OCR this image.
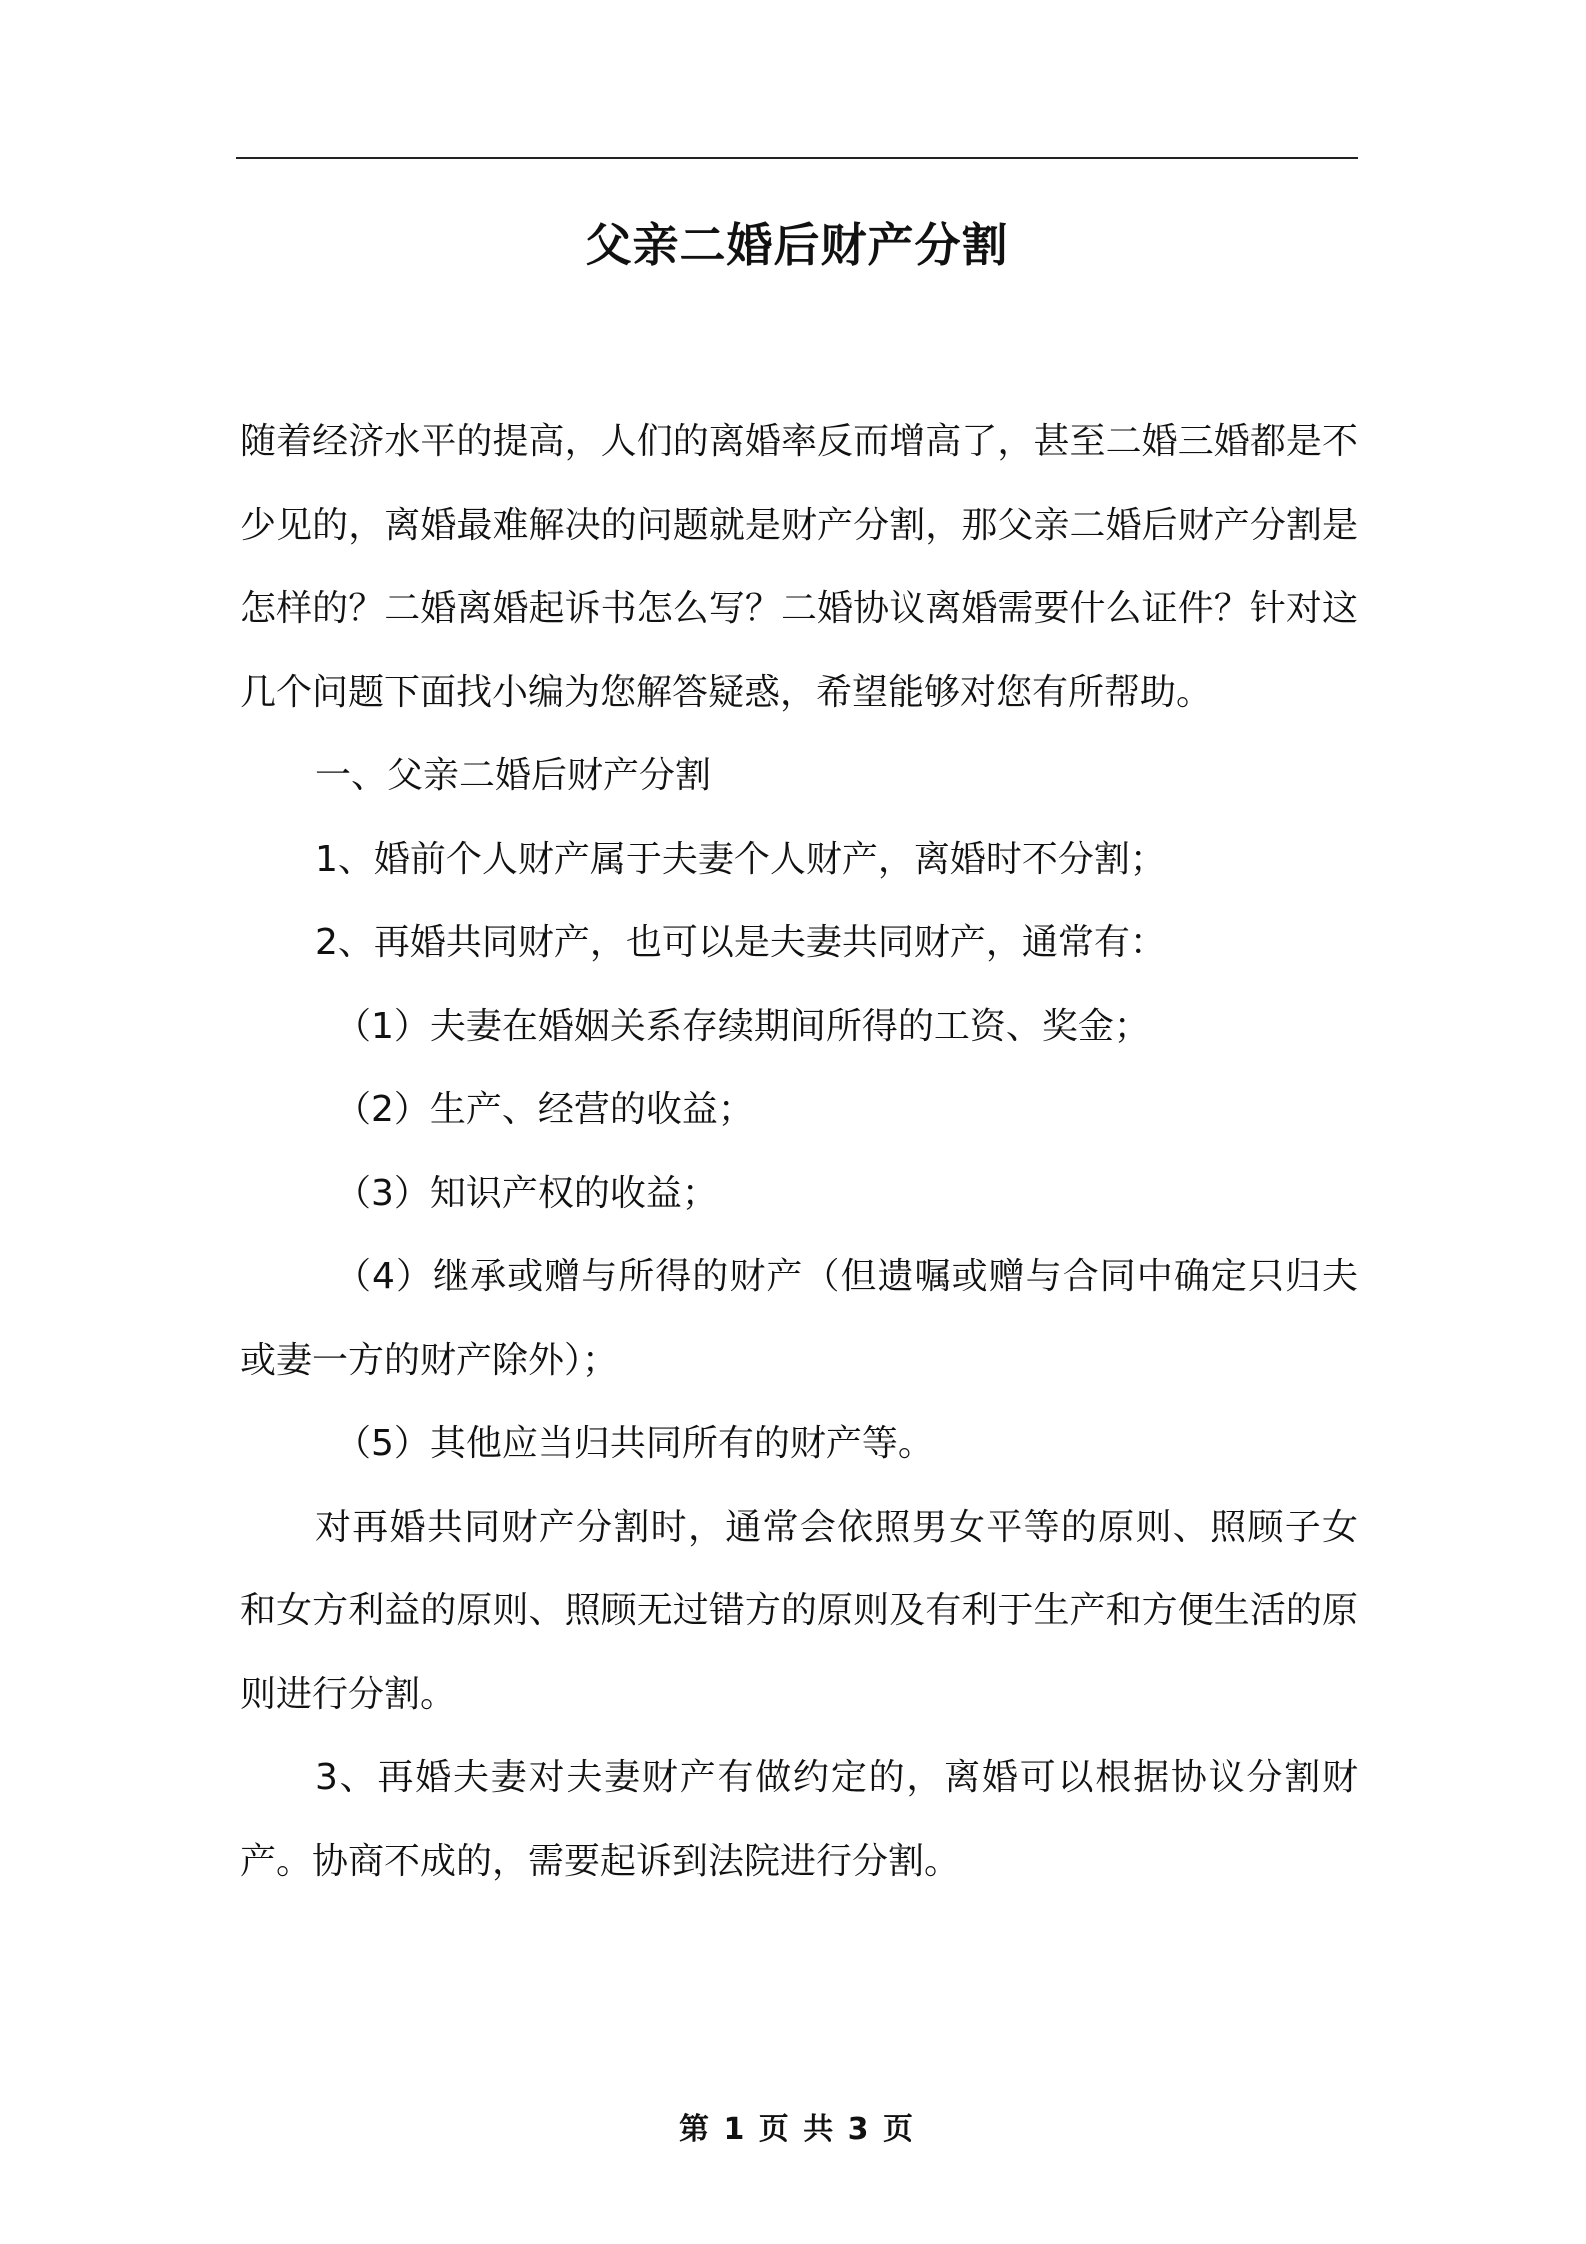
父亲二婚后财产分割

随着经济水平的提高，人们的离婚率反而增高了，甚至二婚三婚都是不少见的，离婚最难解决的问题就是财产分割，那父亲二婚后财产分割是怎样的？二婚离婚起诉书怎么写？二婚协议离婚需要什么证件？针对这几个问题下面找小编为您解答疑惑，希望能够对您有所帮助。

一、父亲二婚后财产分割

1、婚前个人财产属于夫妻个人财产，离婚时不分割；

2、再婚共同财产，也可以是夫妻共同财产，通常有：

（1）夫妻在婚姻关系存续期间所得的工资、奖金；

（2）生产、经营的收益；

（3）知识产权的收益；

（4）继承或赠与所得的财产（但遗嘱或赠与合同中确定只归夫或妻一方的财产除外）；

（5）其他应当归共同所有的财产等。

对再婚共同财产分割时，通常会依照男女平等的原则、照顾子女和女方利益的原则、照顾无过错方的原则及有利于生产和方便生活的原则进行分割。

3、再婚夫妻对夫妻财产有做约定的，离婚可以根据协议分割财产。协商不成的，需要起诉到法院进行分割。

第 1 页 共 3 页
